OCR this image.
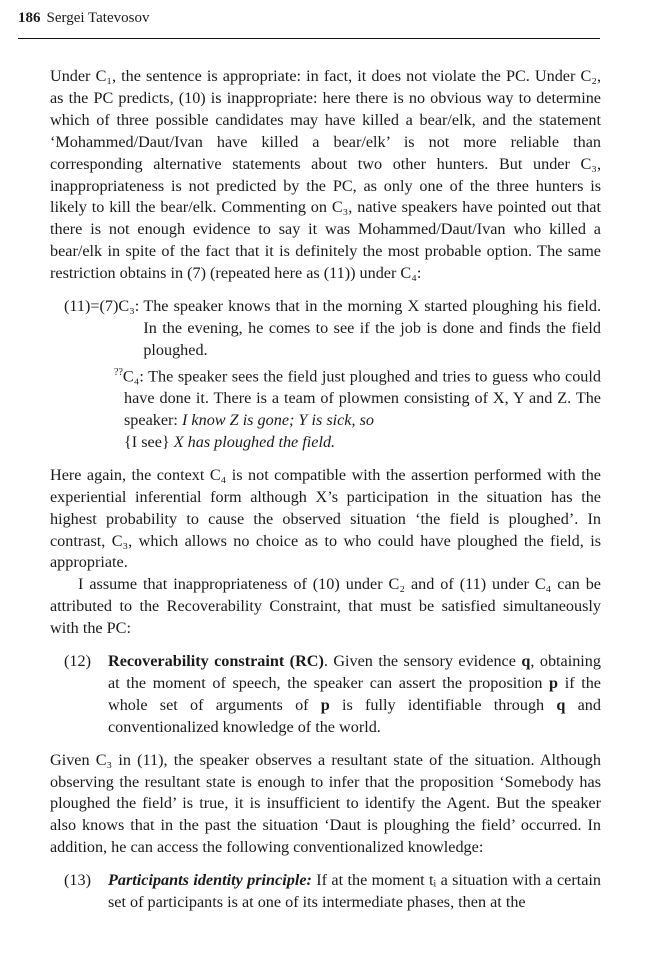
186 Sergei Tatevosov

Under C₁, the sentence is appropriate: in fact, it does not violate the PC. Under C₂, as the PC predicts, (10) is inappropriate: here there is no obvious way to determine which of three possible candidates may have killed a bear/elk, and the statement ‘Mohammed/Daut/Ivan have killed a bear/elk’ is not more reliable than corresponding alternative statements about two other hunters. But under C₃, inappropriateness is not predicted by the PC, as only one of the three hunters is likely to kill the bear/elk. Commenting on C₃, native speakers have pointed out that there is not enough evidence to say it was Mohammed/Daut/Ivan who killed a bear/elk in spite of the fact that it is definitely the most probable option. The same restriction obtains in (7) (repeated here as (11)) under C₄:

(11)=(7)C₃: The speaker knows that in the morning X started ploughing his field. In the evening, he comes to see if the job is done and finds the field ploughed.
??C₄: The speaker sees the field just ploughed and tries to guess who could have done it. There is a team of plowmen consisting of X, Y and Z. The speaker: I know Z is gone; Y is sick, so
{I see} X has ploughed the field.

Here again, the context C₄ is not compatible with the assertion performed with the experiential inferential form although X’s participation in the situation has the highest probability to cause the observed situation ‘the field is ploughed’. In contrast, C₃, which allows no choice as to who could have ploughed the field, is appropriate.

I assume that inappropriateness of (10) under C₂ and of (11) under C₄ can be attributed to the Recoverability Constraint, that must be satisfied simultaneously with the PC:

(12)	Recoverability constraint (RC). Given the sensory evidence q, obtaining at the moment of speech, the speaker can assert the proposition p if the whole set of arguments of p is fully identifiable through q and conventionalized knowledge of the world.

Given C₃ in (11), the speaker observes a resultant state of the situation. Although observing the resultant state is enough to infer that the proposition ‘Somebody has ploughed the field’ is true, it is insufficient to identify the Agent. But the speaker also knows that in the past the situation ‘Daut is ploughing the field’ occurred. In addition, he can access the following conventionalized knowledge:

(13)	Participants identity principle: If at the moment tᵢ a situation with a certain set of participants is at one of its intermediate phases, then at the
